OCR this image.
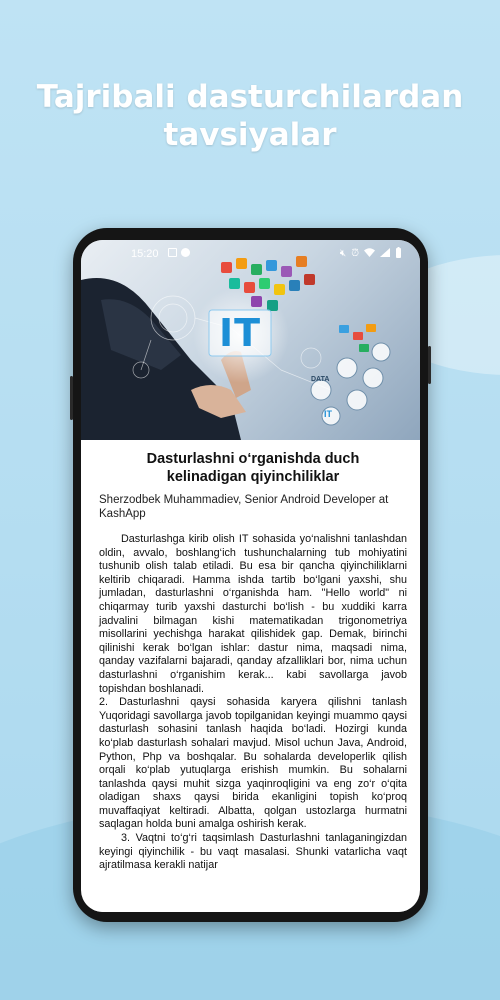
Tajribali dasturchilardan
tavsiyalar
IT
DATA
IT
15:20	🔇︎ ⏰︎
Dasturlashni o‘rganishda duch kelinadigan qiyinchiliklar
Sherzodbek Muhammadiev, Senior Android Developer at KashApp

Dasturlashga kirib olish IT sohasida yo‘nalishni tanlashdan oldin, avvalo, boshlang‘ich tushunchalarning tub mohiyatini tushunib olish talab etiladi. Bu esa bir qancha qiyinchiliklarni keltirib chiqaradi. Hamma ishda tartib bo‘lgani yaxshi, shu jumladan, dasturlashni o‘rganishda ham. "Hello world" ni chiqarmay turib yaxshi dasturchi bo‘lish - bu xuddiki karra jadvalini bilmagan kishi matematikadan trigonometriya misollarini yechishga harakat qilishidek gap. Demak, birinchi qilinishi kerak bo‘lgan ishlar: dastur nima, maqsadi nima, qanday vazifalarni bajaradi, qanday afzalliklari bor, nima uchun dasturlashni o‘rganishim kerak... kabi savollarga javob topishdan boshlanadi.

2. Dasturlashni qaysi sohasida karyera qilishni tanlash Yuqoridagi savollarga javob topilganidan keyingi muammo qaysi dasturlash sohasini tanlash haqida bo‘ladi. Hozirgi kunda ko‘plab dasturlash sohalari mavjud. Misol uchun Java, Android, Python, Php va boshqalar. Bu sohalarda developerlik qilish orqali ko‘plab yutuqlarga erishish mumkin. Bu sohalarni tanlashda qaysi muhit sizga yaqinroqligini va eng zo‘r o‘qita oladigan shaxs qaysi birida ekanligini topish ko‘proq muvaffaqiyat keltiradi. Albatta, qolgan ustozlarga hurmatni saqlagan holda buni amalga oshirish kerak.

3. Vaqtni to‘g‘ri taqsimlash Dasturlashni tanlaganingizdan keyingi qiyinchilik - bu vaqt masalasi. Shunki vatarlicha vaqt ajratilmasa kerakli natijar
